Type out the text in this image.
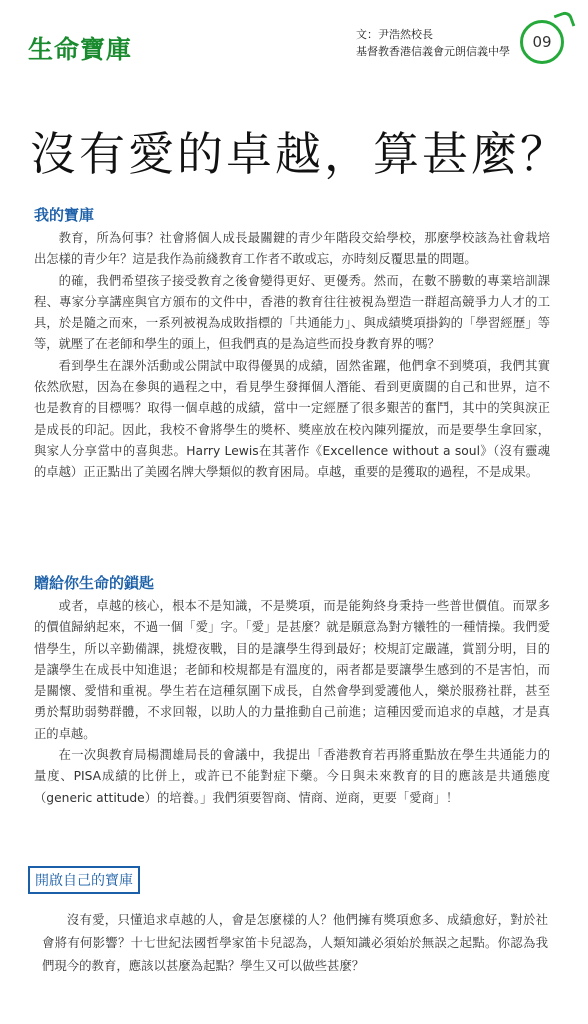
生命寶庫
文：尹浩然校長
基督教香港信義會元朗信義中學
09
沒有愛的卓越，算甚麼？
我的寶庫

教育，所為何事？社會將個人成長最關鍵的青少年階段交給學校，那麼學校該為社會栽培出怎樣的青少年？這是我作為前綫教育工作者不敢或忘，亦時刻反覆思量的問題。

的確，我們希望孩子接受教育之後會變得更好、更優秀。然而，在數不勝數的專業培訓課程、專家分享講座與官方頒布的文件中，香港的教育往往被視為塑造一群超高競爭力人才的工具，於是隨之而來，一系列被視為成敗指標的「共通能力」、與成績獎項掛鈎的「學習經歷」等等，就壓了在老師和學生的頭上，但我們真的是為這些而投身教育界的嗎？

看到學生在課外活動或公開試中取得優異的成績，固然雀躍，他們拿不到獎項，我們其實依然欣慰，因為在參與的過程之中，看見學生發揮個人潛能、看到更廣闊的自己和世界，這不也是教育的目標嗎？取得一個卓越的成績，當中一定經歷了很多艱苦的奮鬥，其中的笑與淚正是成長的印記。因此，我校不會將學生的獎杯、獎座放在校內陳列擺放，而是要學生拿回家，與家人分享當中的喜與悲。Harry Lewis在其著作《Excellence without a soul》（沒有靈魂的卓越）正正點出了美國名牌大學類似的教育困局。卓越，重要的是獲取的過程，不是成果。

贈給你生命的鎖匙

或者，卓越的核心，根本不是知識，不是獎項，而是能夠終身秉持一些普世價值。而眾多的價值歸納起來，不過一個「愛」字。「愛」是甚麼？就是願意為對方犧牲的一種情操。我們愛惜學生，所以辛勤備課，挑燈夜戰，目的是讓學生得到最好；校規訂定嚴謹，賞罰分明，目的是讓學生在成長中知進退；老師和校規都是有溫度的，兩者都是要讓學生感到的不是害怕，而是關懷、愛惜和重視。學生若在這種氛圍下成長，自然會學到愛護他人，樂於服務社群，甚至勇於幫助弱勢群體，不求回報，以助人的力量推動自己前進；這種因愛而追求的卓越，才是真正的卓越。

在一次與教育局楊潤雄局長的會議中，我提出「香港教育若再將重點放在學生共通能力的量度、PISA成績的比併上，或許已不能對症下藥。今日與未來教育的目的應該是共通態度（generic attitude）的培養。」我們須要智商、情商、逆商，更要「愛商」！

開啟自己的寶庫

沒有愛，只懂追求卓越的人，會是怎麼樣的人？他們擁有獎項愈多、成績愈好，對於社會將有何影響？十七世紀法國哲學家笛卡兒認為，人類知識必須始於無誤之起點。你認為我們現今的教育，應該以甚麼為起點？學生又可以做些甚麼？
